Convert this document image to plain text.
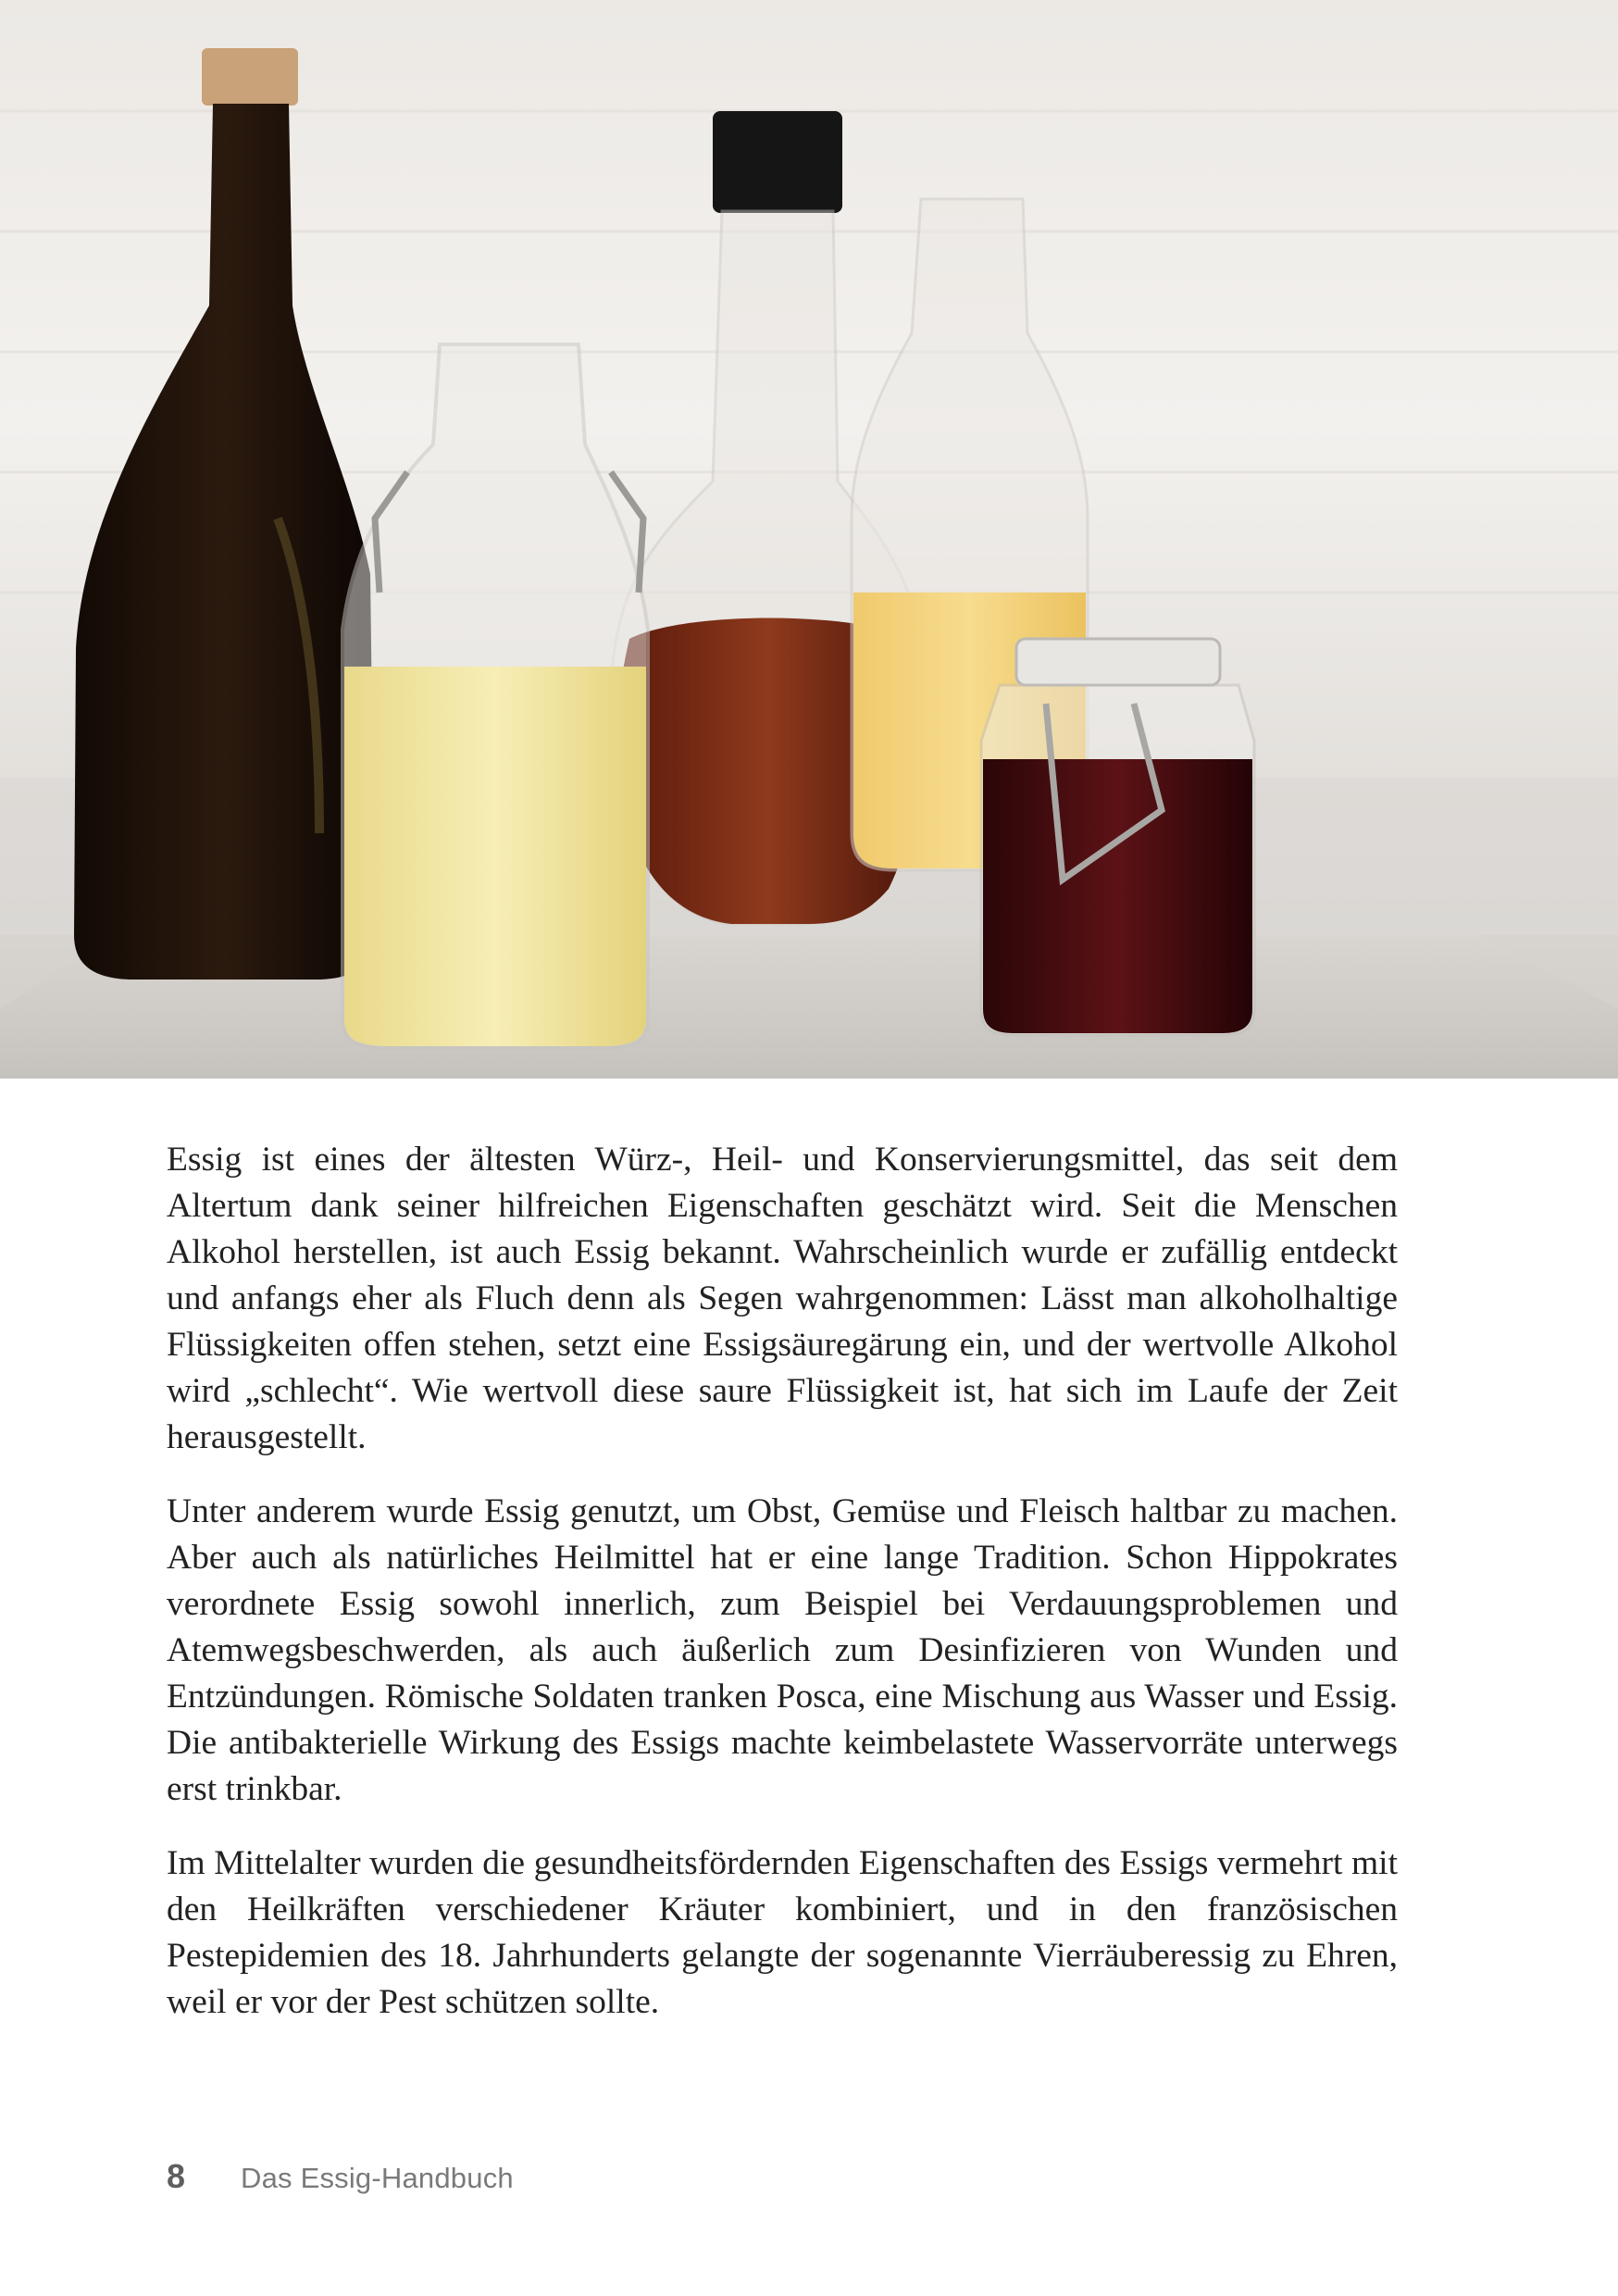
Essig ist eines der ältesten Würz-, Heil- und Konservierungsmittel, das seit dem Altertum dank seiner hilfreichen Eigenschaften geschätzt wird. Seit die Menschen Alkohol herstellen, ist auch Essig bekannt. Wahrscheinlich wurde er zufällig entdeckt und anfangs eher als Fluch denn als Segen wahrgenommen: Lässt man alkoholhaltige Flüssigkeiten offen stehen, setzt eine Essigsäuregärung ein, und der wertvolle Alkohol wird „schlecht“. Wie wertvoll diese saure Flüssigkeit ist, hat sich im Laufe der Zeit herausgestellt.

Unter anderem wurde Essig genutzt, um Obst, Gemüse und Fleisch haltbar zu machen. Aber auch als natürliches Heilmittel hat er eine lange Tradition. Schon Hippokrates verordnete Essig sowohl innerlich, zum Beispiel bei Verdauungsproblemen und Atemwegsbeschwerden, als auch äußerlich zum Desinfizieren von Wunden und Entzündungen. Römische Soldaten tranken Posca, eine Mischung aus Wasser und Essig. Die antibakterielle Wirkung des Essigs machte keimbelastete Wasservorräte unterwegs erst trinkbar.

Im Mittelalter wurden die gesundheitsfördernden Eigenschaften des Essigs vermehrt mit den Heilkräften verschiedener Kräuter kombiniert, und in den französischen Pestepidemien des 18. Jahrhunderts gelangte der sogenannte Vierräuberessig zu Ehren, weil er vor der Pest schützen sollte.

8 Das Essig-Handbuch
